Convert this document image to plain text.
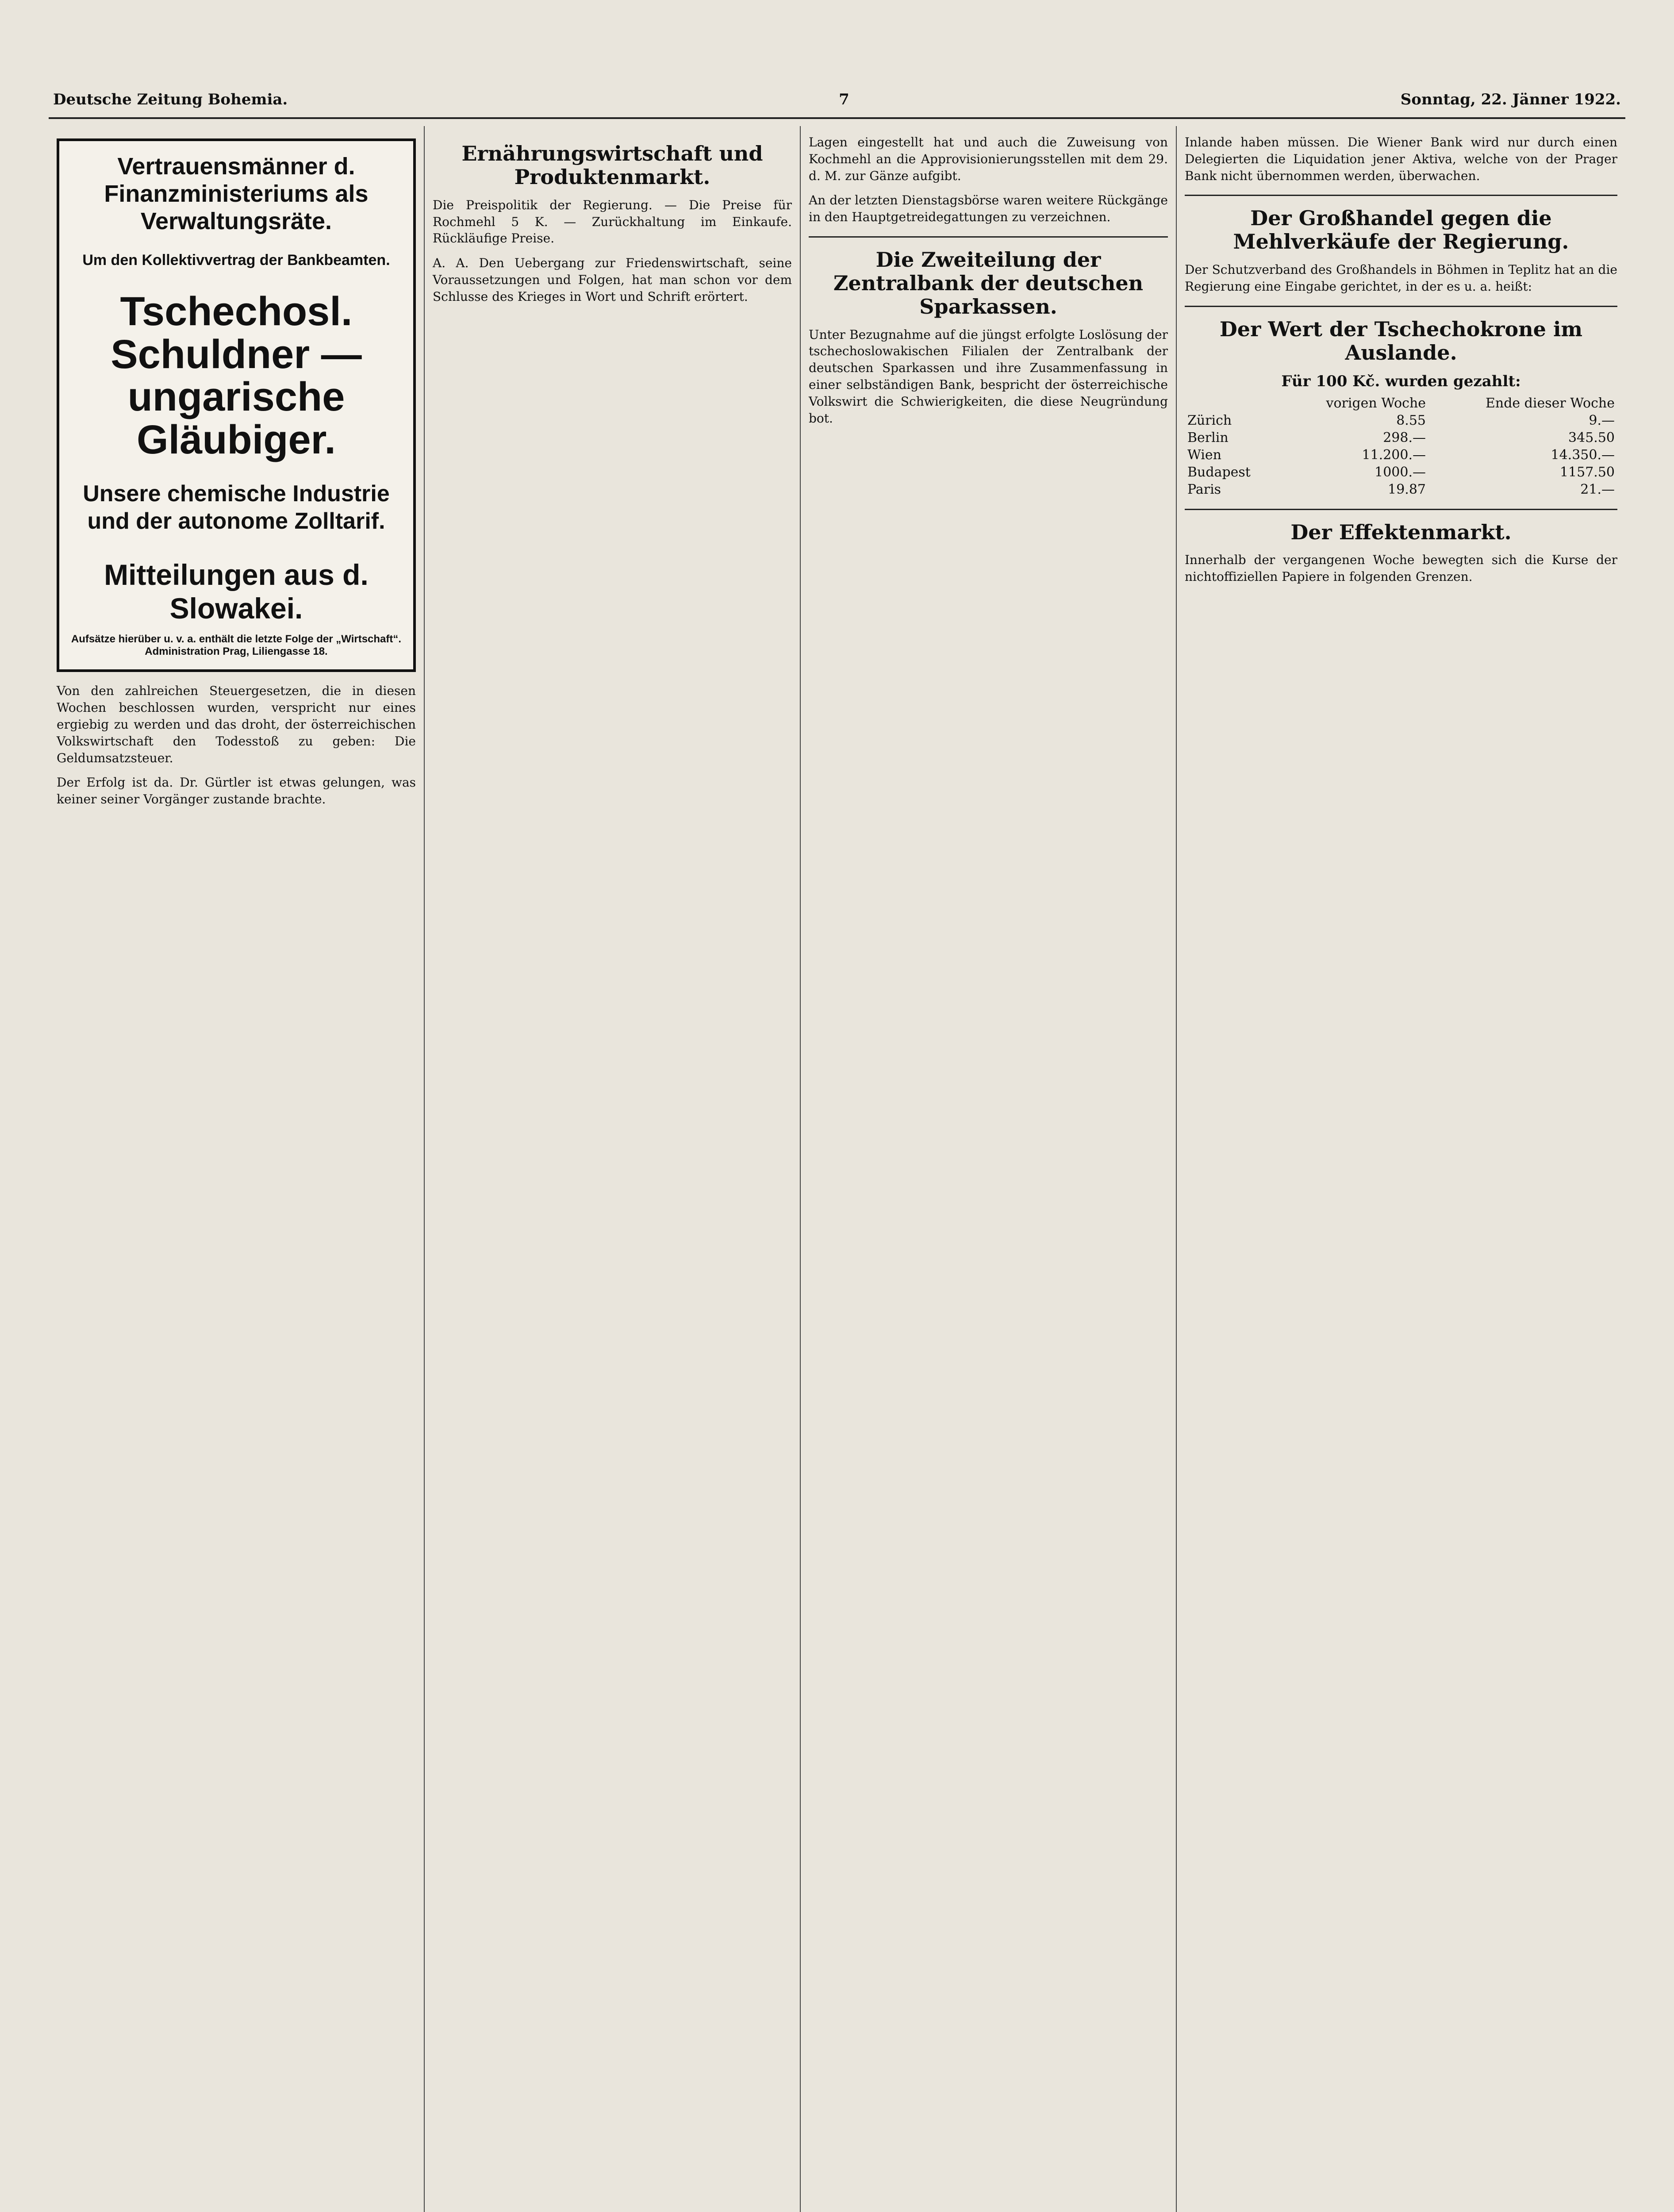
Deutsche Zeitung Bohemia.	7	Sonntag, 22. Jänner 1922.
Vertrauensmänner d. Finanzministeriums als Verwaltungsräte.
Um den Kollektivvertrag der Bankbeamten.
Tschechosl. Schuldner — ungarische Gläubiger.
Unsere chemische Industrie und der autonome Zolltarif.
Mitteilungen aus d. Slowakei.
Aufsätze hierüber u. v. a. enthält die letzte Folge der „Wirtschaft“. Administration Prag, Liliengasse 18.

Von den zahlreichen Steuergesetzen, die in diesen Wochen beschlossen wurden, verspricht nur eines ergiebig zu werden und das droht, der österreichischen Volkswirtschaft den Todesstoß zu geben: Die Geldumsatzsteuer.

Der Erfolg ist da. Dr. Gürtler ist etwas gelungen, was keiner seiner Vorgänger zustande brachte.

Ernährungswirtschaft und Produktenmarkt.

Die Preispolitik der Regierung. — Die Preise für Rochmehl 5 K. — Zurückhaltung im Einkaufe. Rückläufige Preise.

A. A. Den Uebergang zur Friedenswirtschaft, seine Voraussetzungen und Folgen, hat man schon vor dem Schlusse des Krieges in Wort und Schrift erörtert.

Lagen eingestellt hat und auch die Zuweisung von Kochmehl an die Approvisionierungsstellen mit dem 29. d. M. zur Gänze aufgibt.

An der letzten Dienstagsbörse waren weitere Rückgänge in den Hauptgetreidegattungen zu verzeichnen.

Die Zweiteilung der Zentralbank der deutschen Sparkassen.

Unter Bezugnahme auf die jüngst erfolgte Loslösung der tschechoslowakischen Filialen der Zentralbank der deutschen Sparkassen und ihre Zusammenfassung in einer selbständigen Bank, bespricht der österreichische Volkswirt die Schwierigkeiten, die diese Neugründung bot.

Inlande haben müssen. Die Wiener Bank wird nur durch einen Delegierten die Liquidation jener Aktiva, welche von der Prager Bank nicht übernommen werden, überwachen.

Der Großhandel gegen die Mehlverkäufe der Regierung.

Der Schutzverband des Großhandels in Böhmen in Teplitz hat an die Regierung eine Eingabe gerichtet, in der es u. a. heißt:

Der Wert der Tschechokrone im Auslande.
Für 100 Kč. wurden gezahlt:
	vorigen Woche	Ende dieser Woche
Zürich	8.55	9.—
Berlin	298.—	345.50
Wien	11.200.—	14.350.—
Budapest	1000.—	1157.50
Paris	19.87	21.—
Der Effektenmarkt.

Innerhalb der vergangenen Woche bewegten sich die Kurse der nichtoffiziellen Papiere in folgenden Grenzen.
